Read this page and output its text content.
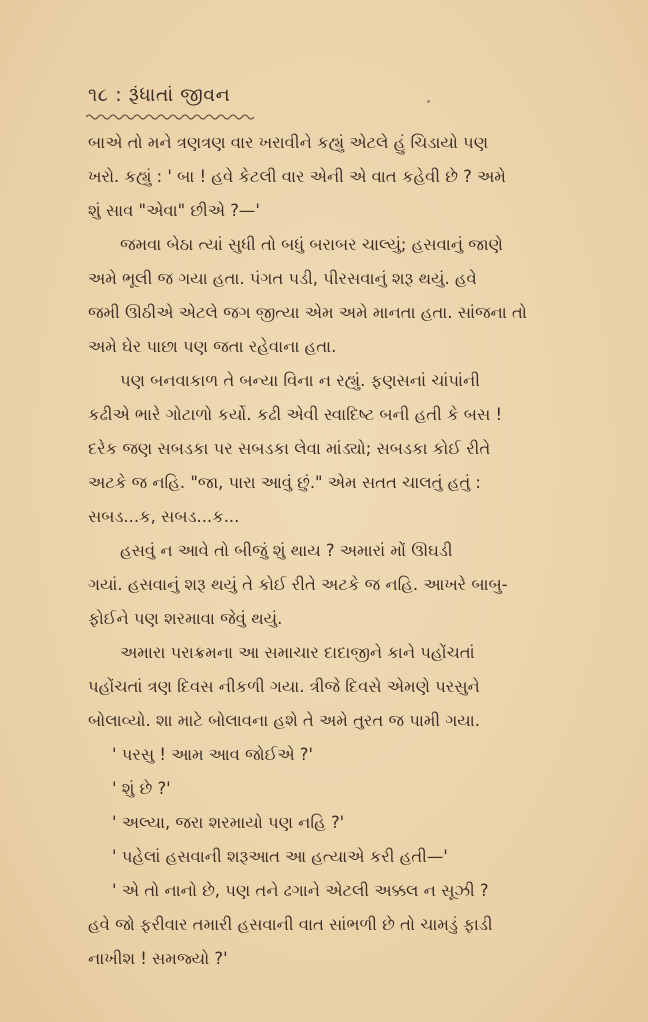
૧૮ : રૂંધાતાં જીવન
બાએ તો મને ત્રણત્રણ વાર ખરાવીને કહ્યું એટલે હું ચિડાયો પણ
ખરો. કહ્યું : ' બા ! હવે કેટલી વાર એની એ વાત કહેવી છે ? અમે
શું સાવ "એવા" છીએ ?—'
જમવા બેઠા ત્યાં સુધી તો બધું બરાબર ચાલ્યું; હસવાનું જાણે
અમે ભૂલી જ ગયા હતા. પંગત પડી, પીરસવાનું શરૂ થયું. હવે
જમી ઊઠીએ એટલે જગ જીત્યા એમ અમે માનતા હતા. સાંજના તો
અમે ઘેર પાછા પણ જતા રહેવાના હતા.
પણ બનવાકાળ તે બન્યા વિના ન રહ્યું. ફણસનાં ચાંપાંની
કઢીએ ભારે ગોટાળો કર્યો. કઢી એવી સ્વાદિષ્ટ બની હતી કે બસ !
દરેક જણ સબડકા પર સબડકા લેવા માંડ્યો; સબડકા કોઈ રીતે
અટકે જ નહિ. "જા, પારા આવું છું." એમ સતત ચાલતું હતું :
સબડ...ક, સબડ...ક...
હસવું ન આવે તો બીજું શું થાય ? અમારાં મોં ઊઘડી
ગયાં. હસવાનું શરૂ થયું તે કોઈ રીતે અટકે જ નહિ. આખરે બાબુ-
ફોઈને પણ શરમાવા જેવું થયું.
અમારા પરાક્રમના આ સમાચાર દાદાજીને કાને પહોંચતાં
પહોંચતાં ત્રણ દિવસ નીકળી ગયા. ત્રીજે દિવસે એમણે પરસુને
બોલાવ્યો. શા માટે બોલાવના હશે તે અમે તુરત જ પામી ગયા.
' પરસુ ! આમ આવ જોઈએ ?'
' શું છે ?'
' અલ્યા, જરા શરમાયો પણ નહિ ?'
' પહેલાં હસવાની શરૂઆત આ હત્યાએ કરી હતી—'
' એ તો નાનો છે, પણ તને ઢગાને એટલી અક્કલ ન સૂઝી ?
હવે જો ફરીવાર તમારી હસવાની વાત સાંભળી છે તો ચામડું ફાડી
નાખીશ ! સમજ્યો ?'
